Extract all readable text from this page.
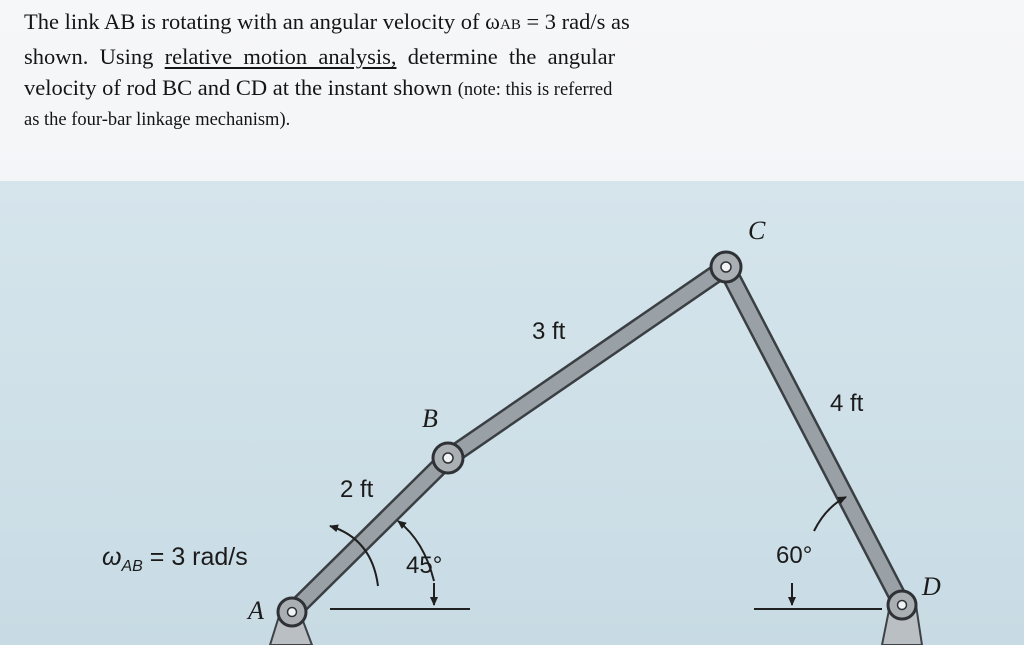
The link AB is rotating with an angular velocity of ωAB = 3 rad/s as
shown.  Using  relative  motion  analysis,  determine  the  angular
velocity of rod BC and CD at the instant shown (note: this is referred
as the four-bar linkage mechanism).
C
B
A
D
3 ft
4 ft
2 ft
45°	60°
$\omega_{AB} = 3$ rad/s
